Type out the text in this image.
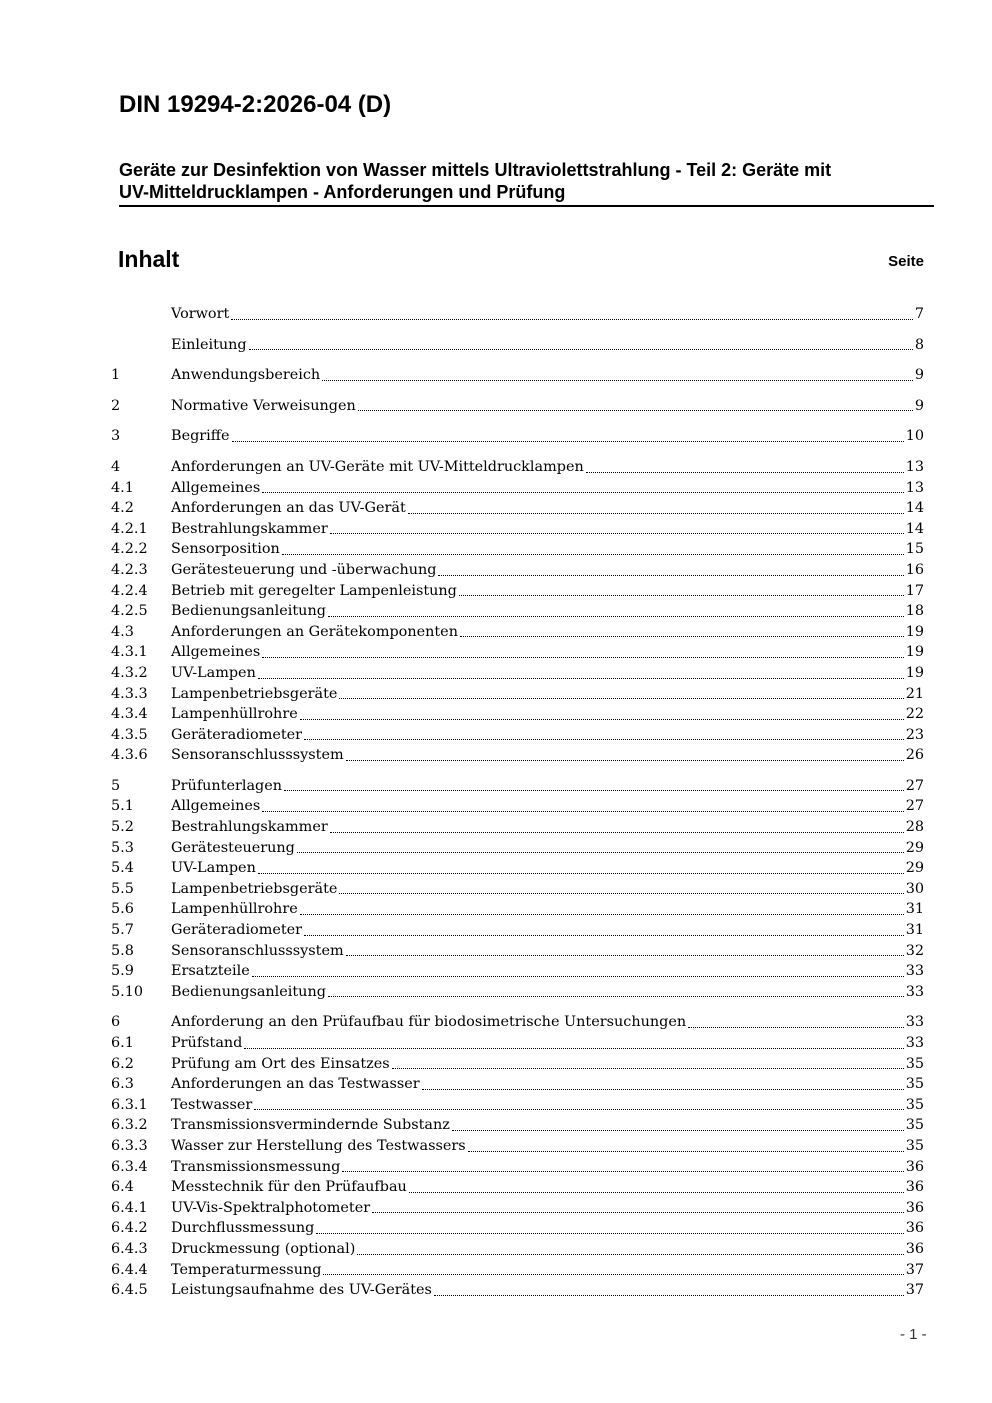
DIN 19294-2:2026-04 (D)
Geräte zur Desinfektion von Wasser mittels Ultraviolettstrahlung - Teil 2: Geräte mit
UV-Mitteldrucklampen - Anforderungen und Prüfung
Inhalt	Seite
Vorwort	7
Einleitung	8
1	Anwendungsbereich	9
2	Normative Verweisungen	9
3	Begriffe	10
4	Anforderungen an UV-Geräte mit UV-Mitteldrucklampen	13
4.1	Allgemeines	13
4.2	Anforderungen an das UV-Gerät	14
4.2.1	Bestrahlungskammer	14
4.2.2	Sensorposition	15
4.2.3	Gerätesteuerung und -überwachung	16
4.2.4	Betrieb mit geregelter Lampenleistung	17
4.2.5	Bedienungsanleitung	18
4.3	Anforderungen an Gerätekomponenten	19
4.3.1	Allgemeines	19
4.3.2	UV-Lampen	19
4.3.3	Lampenbetriebsgeräte	21
4.3.4	Lampenhüllrohre	22
4.3.5	Geräteradiometer	23
4.3.6	Sensoranschlusssystem	26
5	Prüfunterlagen	27
5.1	Allgemeines	27
5.2	Bestrahlungskammer	28
5.3	Gerätesteuerung	29
5.4	UV-Lampen	29
5.5	Lampenbetriebsgeräte	30
5.6	Lampenhüllrohre	31
5.7	Geräteradiometer	31
5.8	Sensoranschlusssystem	32
5.9	Ersatzteile	33
5.10	Bedienungsanleitung	33
6	Anforderung an den Prüfaufbau für biodosimetrische Untersuchungen	33
6.1	Prüfstand	33
6.2	Prüfung am Ort des Einsatzes	35
6.3	Anforderungen an das Testwasser	35
6.3.1	Testwasser	35
6.3.2	Transmissionsvermindernde Substanz	35
6.3.3	Wasser zur Herstellung des Testwassers	35
6.3.4	Transmissionsmessung	36
6.4	Messtechnik für den Prüfaufbau	36
6.4.1	UV-Vis-Spektralphotometer	36
6.4.2	Durchflussmessung	36
6.4.3	Druckmessung (optional)	36
6.4.4	Temperaturmessung	37
6.4.5	Leistungsaufnahme des UV-Gerätes	37
- 1 -
